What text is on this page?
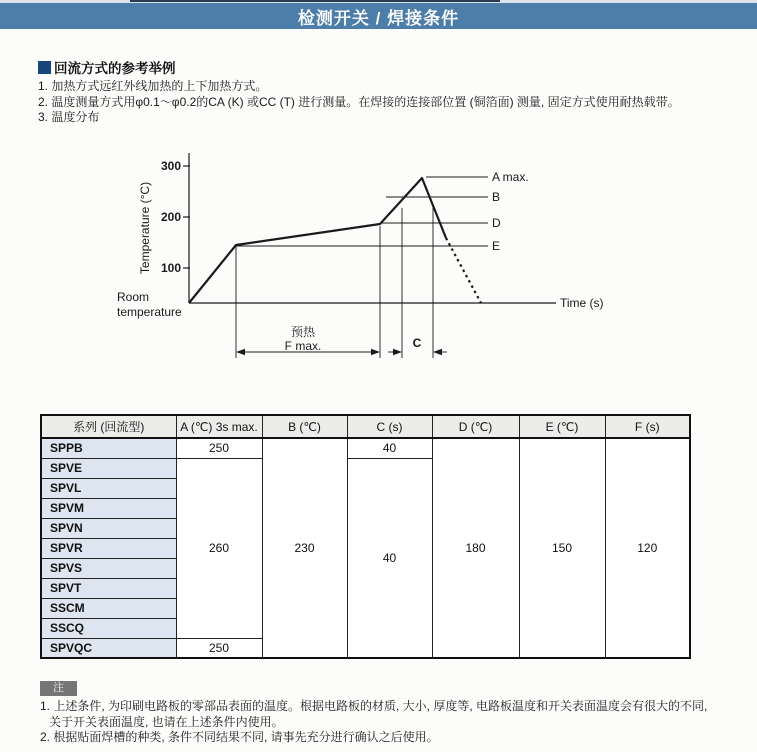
检测开关 / 焊接条件
回流方式的参考举例
1. 加热方式远红外线加热的上下加热方式。
2. 温度测量方式用φ0.1～φ0.2的CA (K) 或CC (T) 进行测量。在焊接的连接部位置 (铜箔面) 测量, 固定方式使用耐热载带。
3. 温度分布
300
200
100
Temperature (°C)
Room
temperature
Time (s)
A max.
B
D
E
预热
F max.	C
系列 (回流型)	A (℃) 3s max.	B (℃)	C (s)	D (℃)	E (℃)	F (s)
SPPB	250	230	40	180	150	120
SPVE	260		40			
SPVL						
SPVM						
SPVN						
SPVR						
SPVS						
SPVT						
SSCM						
SSCQ						
SPVQC	250					
注
1. 上述条件, 为印刷电路板的零部品表面的温度。根据电路板的材质, 大小, 厚度等, 电路板温度和开关表面温度会有很大的不同,
关于开关表面温度, 也请在上述条件内使用。
2. 根据贴面焊槽的种类, 条件不同结果不同, 请事先充分进行确认之后使用。
